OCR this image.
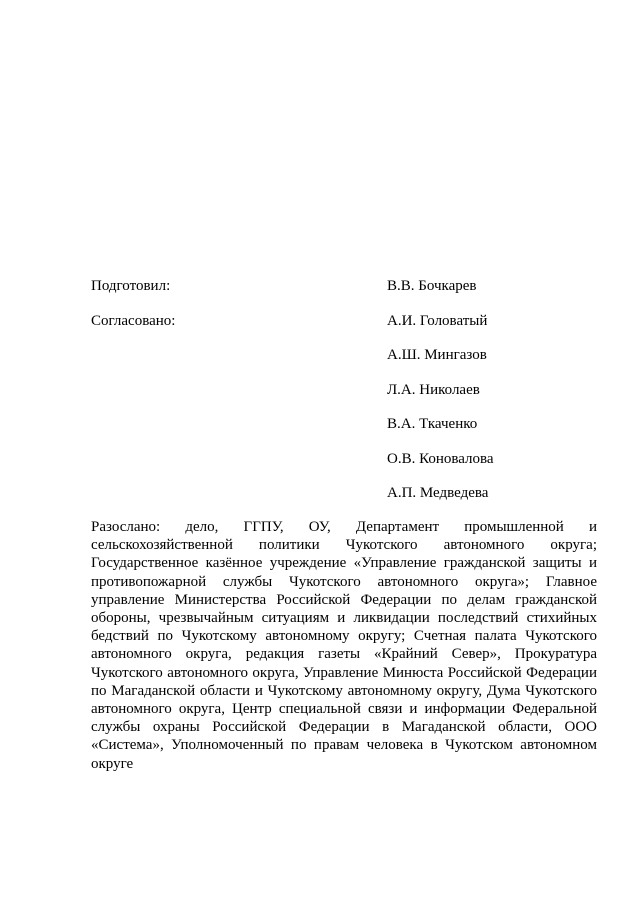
Подготовил:	В.В. Бочкарев
Согласовано:	А.И. Головатый
А.Ш. Мингазов
Л.А. Николаев
В.А. Ткаченко
О.В. Коновалова
А.П. Медведева
Разослано: дело, ГГПУ, ОУ, Департамент промышленной и сельскохозяйственной политики Чукотского автономного округа; Государственное казённое учреждение «Управление гражданской защиты и противопожарной службы Чукотского автономного округа»; Главное управление Министерства Российской Федерации по делам гражданской обороны, чрезвычайным ситуациям и ликвидации последствий стихийных бедствий по Чукотскому автономному округу; Счетная палата Чукотского автономного округа, редакция газеты «Крайний Север», Прокуратура Чукотского автономного округа, Управление Минюста Российской Федерации по Магаданской области и Чукотскому автономному округу, Дума Чукотского автономного округа, Центр специальной связи и информации Федеральной службы охраны Российской Федерации в Магаданской области, ООО «Система», Уполномоченный по правам человека в Чукотском автономном округе
